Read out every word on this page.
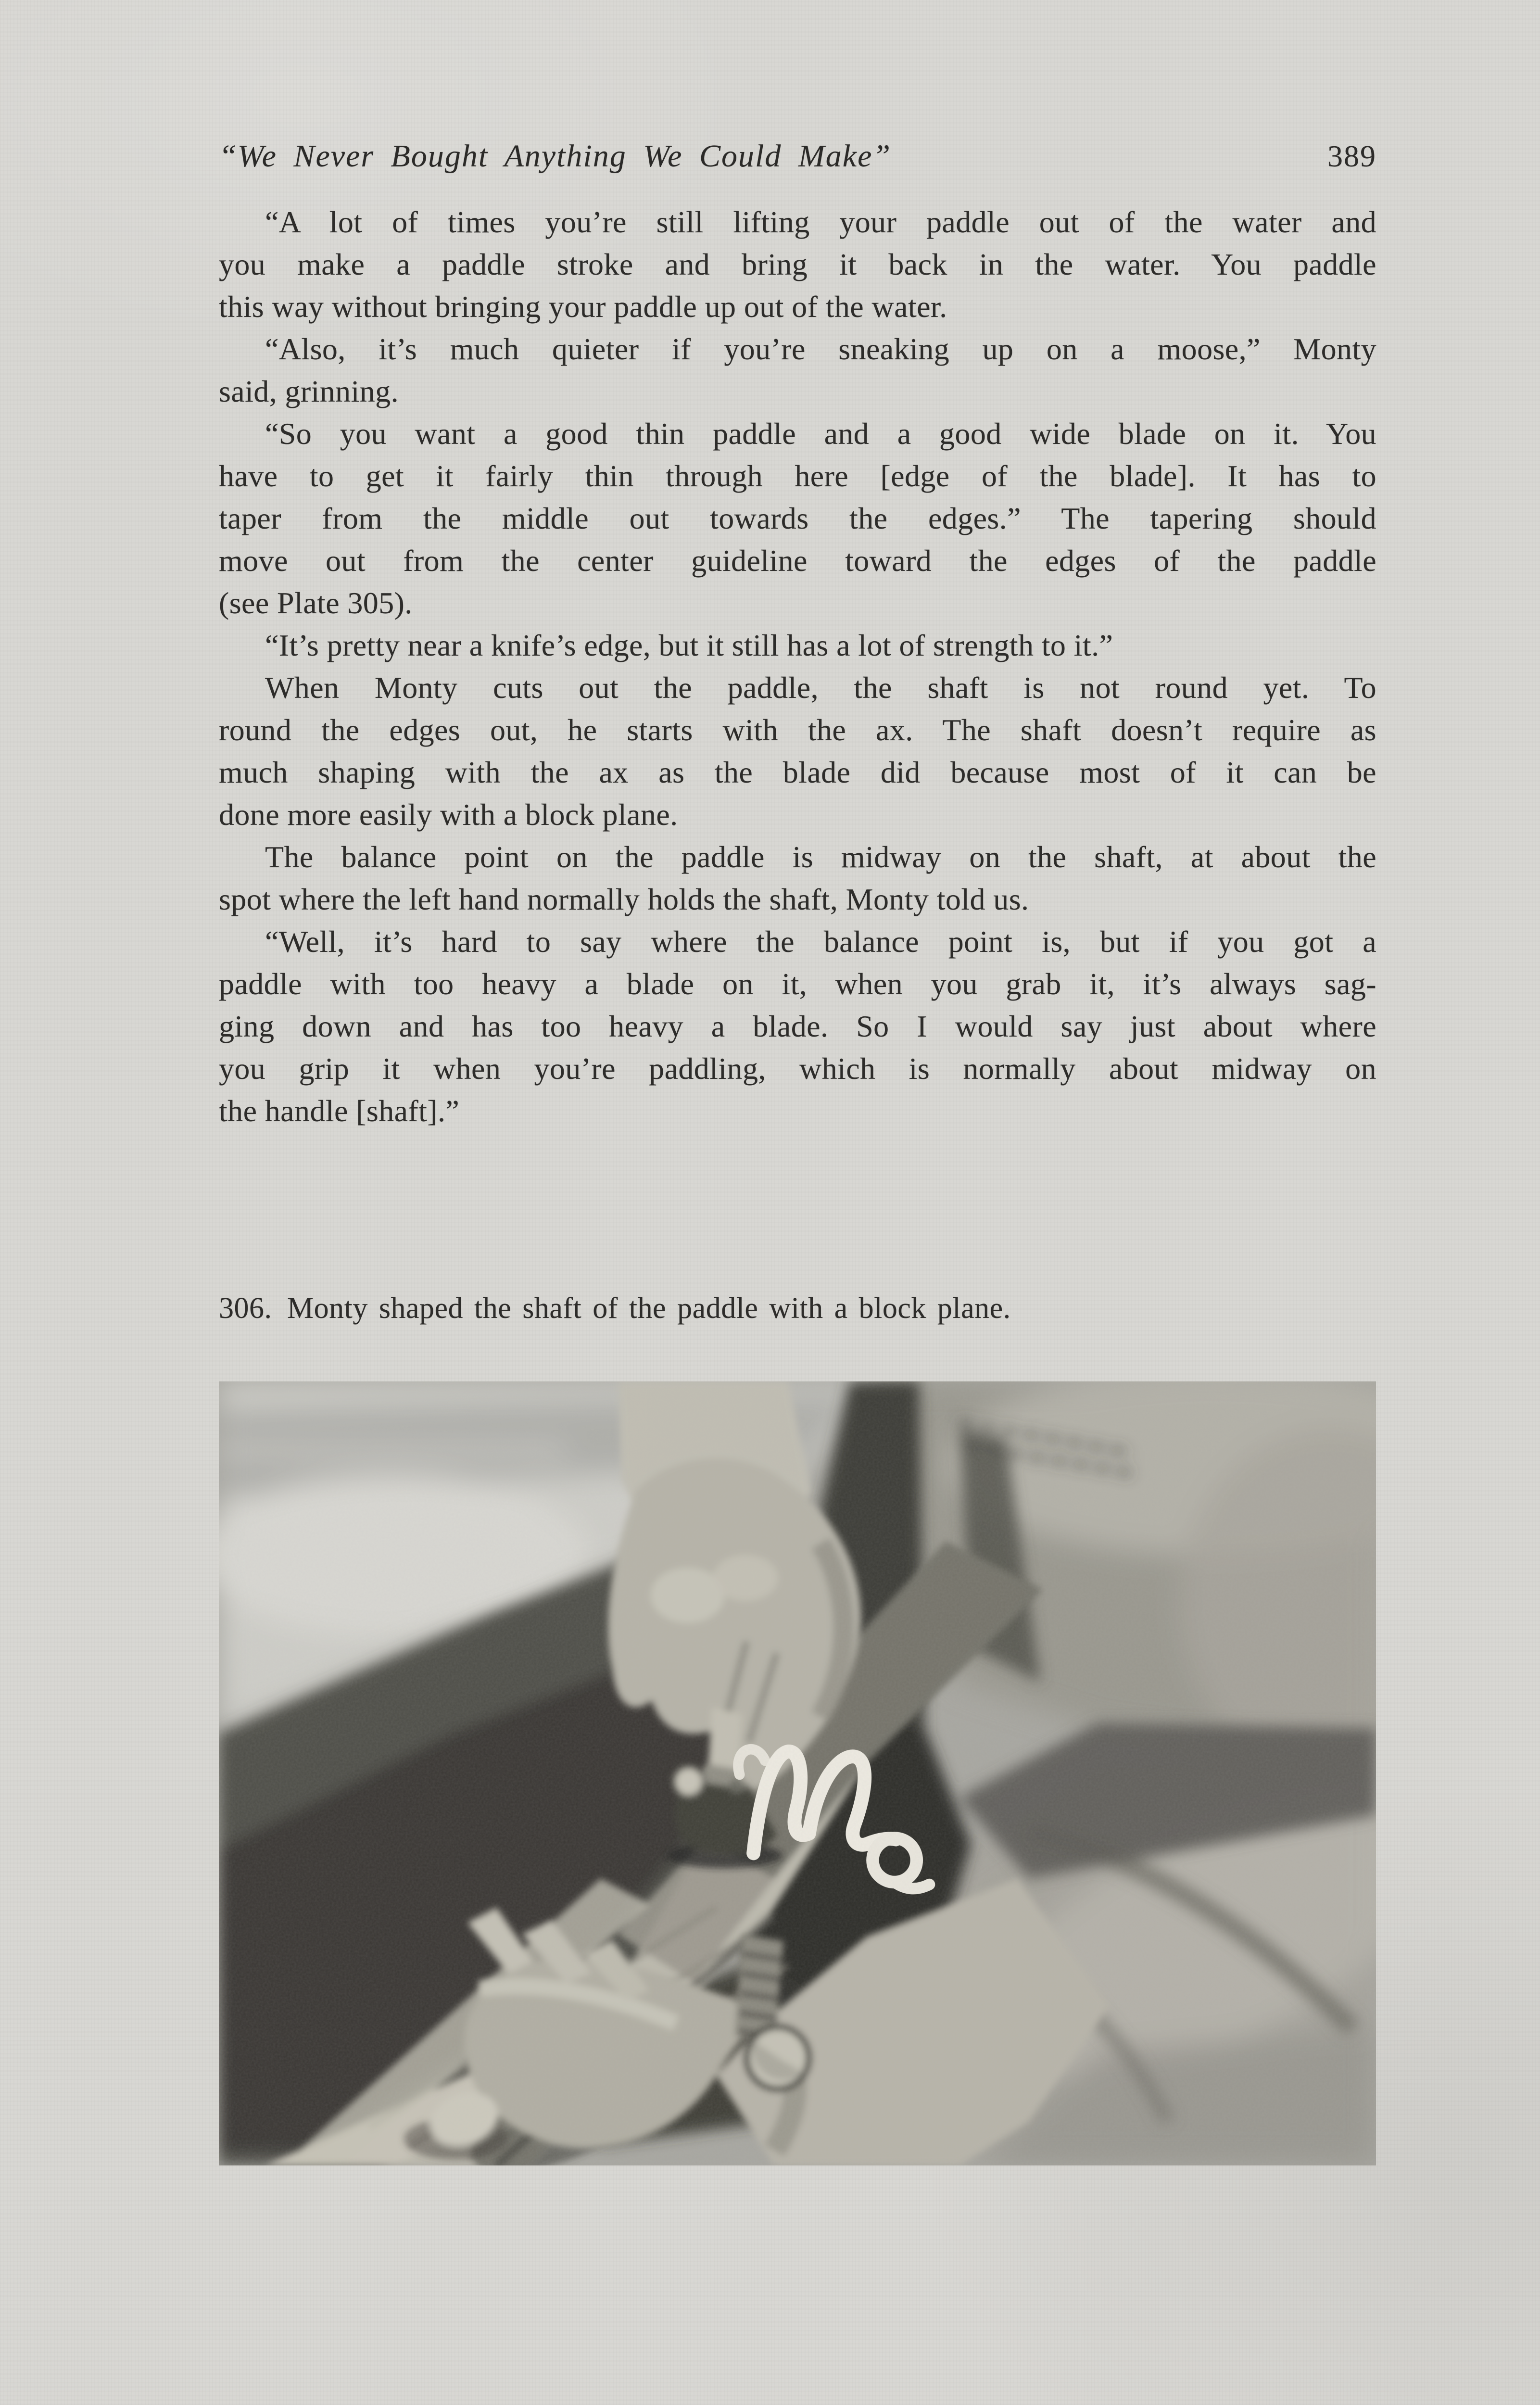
“We Never Bought Anything We Could Make”	389
“A lot of times you’re still lifting your paddle out of the water and
you make a paddle stroke and bring it back in the water. You paddle
this way without bringing your paddle up out of the water.
“Also, it’s much quieter if you’re sneaking up on a moose,” Monty
said, grinning.
“So you want a good thin paddle and a good wide blade on it. You
have to get it fairly thin through here [edge of the blade]. It has to
taper from the middle out towards the edges.” The tapering should
move out from the center guideline toward the edges of the paddle
(see Plate 305).
“It’s pretty near a knife’s edge, but it still has a lot of strength to it.”
When Monty cuts out the paddle, the shaft is not round yet. To
round the edges out, he starts with the ax. The shaft doesn’t require as
much shaping with the ax as the blade did because most of it can be
done more easily with a block plane.
The balance point on the paddle is midway on the shaft, at about the
spot where the left hand normally holds the shaft, Monty told us.
“Well, it’s hard to say where the balance point is, but if you got a
paddle with too heavy a blade on it, when you grab it, it’s always sag-
ging down and has too heavy a blade. So I would say just about where
you grip it when you’re paddling, which is normally about midway on
the handle [shaft].”
306. Monty shaped the shaft of the paddle with a block plane.
